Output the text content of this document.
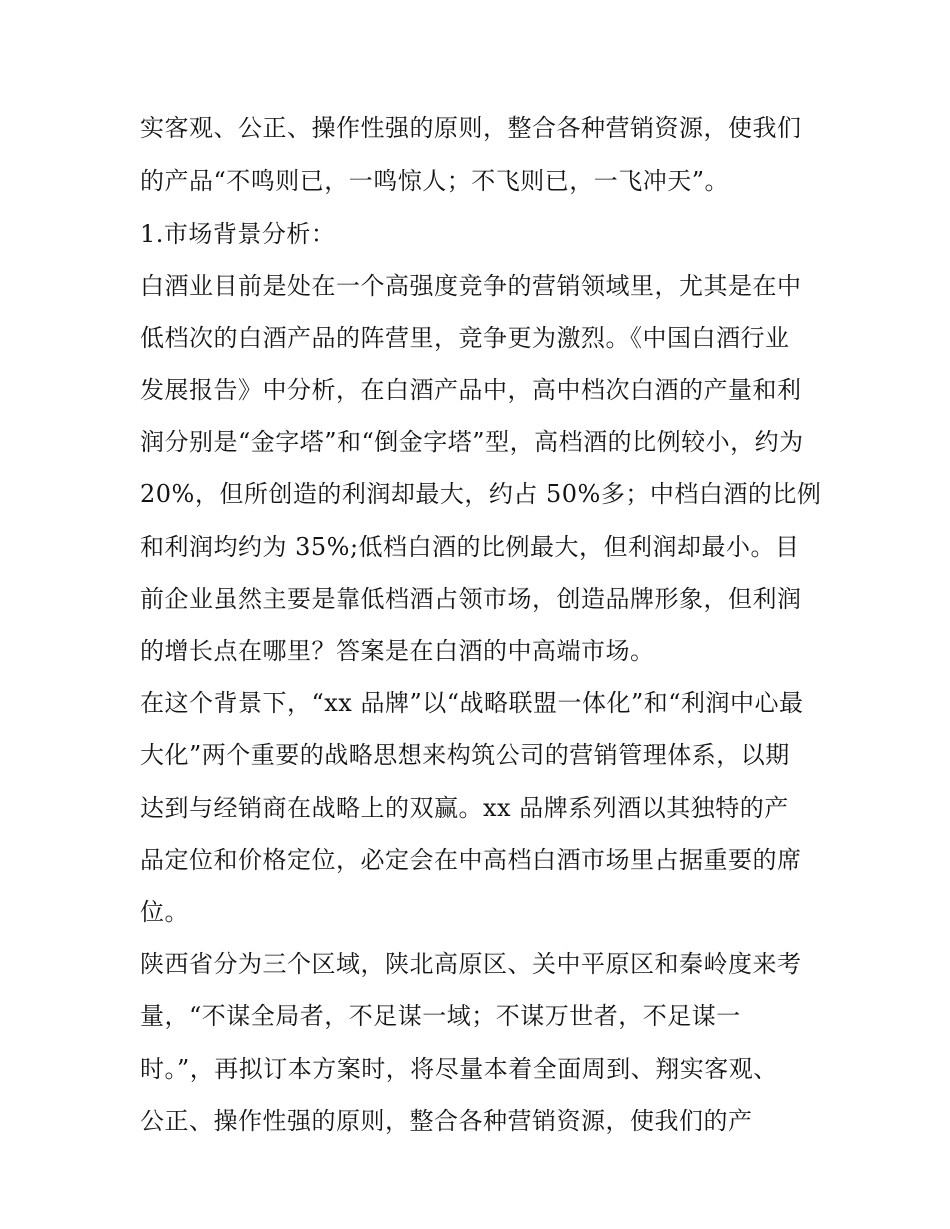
实客观、公正、操作性强的原则，整合各种营销资源，使我们
的产品“不鸣则已，一鸣惊人；不飞则已，一飞冲天”。
1.市场背景分析：
白酒业目前是处在一个高强度竞争的营销领域里，尤其是在中
低档次的白酒产品的阵营里，竞争更为激烈。《中国白酒行业
发展报告》中分析，在白酒产品中，高中档次白酒的产量和利
润分别是“金字塔”和“倒金字塔”型，高档酒的比例较小，约为
20%，但所创造的利润却最大，约占 50%多；中档白酒的比例
和利润均约为 35%;低档白酒的比例最大，但利润却最小。目
前企业虽然主要是靠低档酒占领市场，创造品牌形象，但利润
的增长点在哪里？答案是在白酒的中高端市场。
在这个背景下，“xx 品牌”以“战略联盟一体化”和“利润中心最
大化”两个重要的战略思想来构筑公司的营销管理体系，以期
达到与经销商在战略上的双赢。xx 品牌系列酒以其独特的产
品定位和价格定位，必定会在中高档白酒市场里占据重要的席
位。
陕西省分为三个区域，陕北高原区、关中平原区和秦岭度来考
量，“不谋全局者，不足谋一域；不谋万世者，不足谋一
时。”，再拟订本方案时，将尽量本着全面周到、翔实客观、
公正、操作性强的原则，整合各种营销资源，使我们的产
